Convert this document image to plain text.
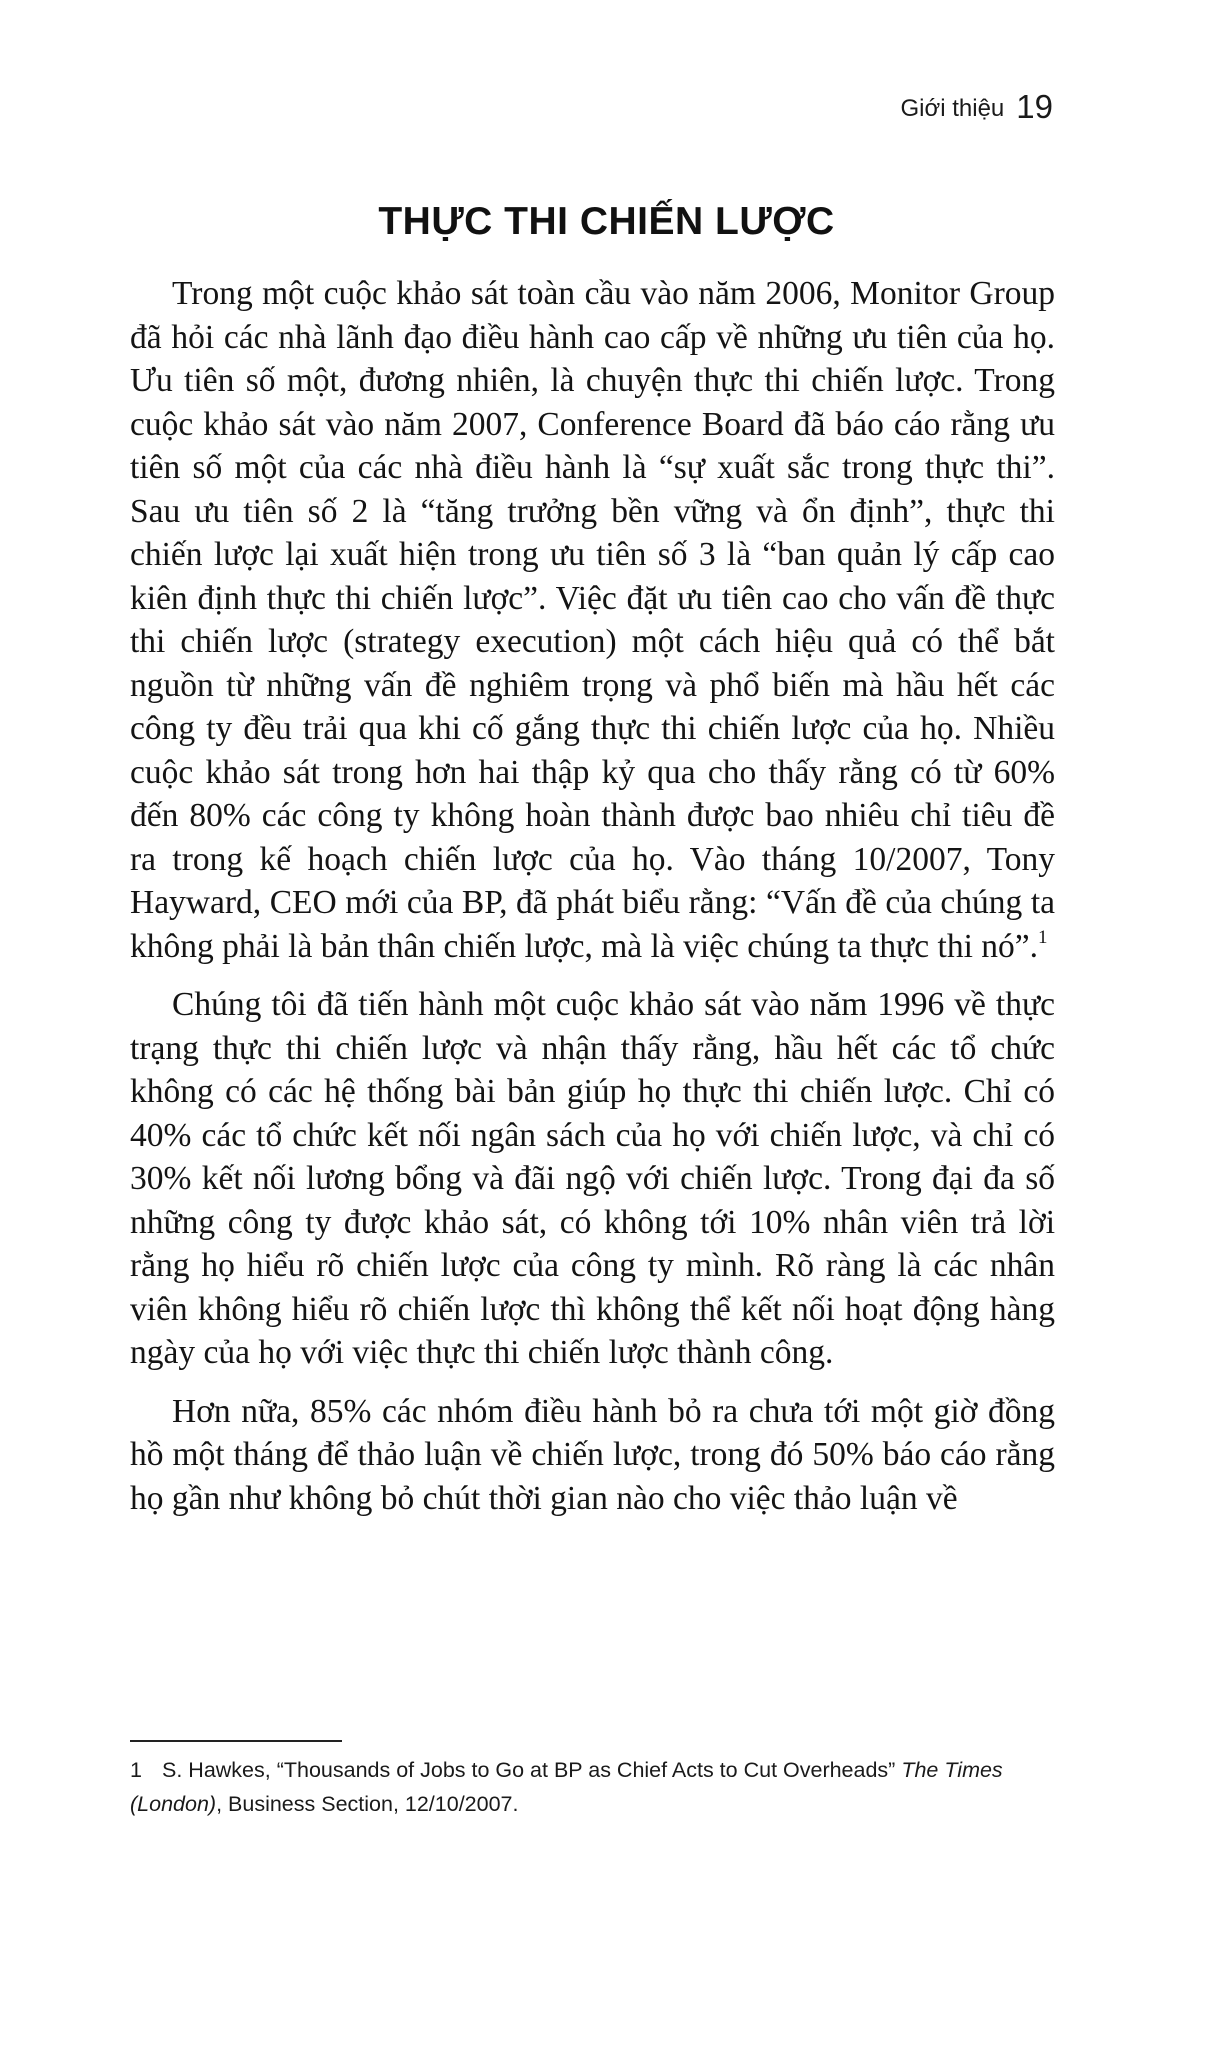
Giới thiệu 19
THỰC THI CHIẾN LƯỢC

Trong một cuộc khảo sát toàn cầu vào năm 2006, Monitor Group đã hỏi các nhà lãnh đạo điều hành cao cấp về những ưu tiên của họ. Ưu tiên số một, đương nhiên, là chuyện thực thi chiến lược. Trong cuộc khảo sát vào năm 2007, Conference Board đã báo cáo rằng ưu tiên số một của các nhà điều hành là “sự xuất sắc trong thực thi”. Sau ưu tiên số 2 là “tăng trưởng bền vững và ổn định”, thực thi chiến lược lại xuất hiện trong ưu tiên số 3 là “ban quản lý cấp cao kiên định thực thi chiến lược”. Việc đặt ưu tiên cao cho vấn đề thực thi chiến lược (strategy execution) một cách hiệu quả có thể bắt nguồn từ những vấn đề nghiêm trọng và phổ biến mà hầu hết các công ty đều trải qua khi cố gắng thực thi chiến lược của họ. Nhiều cuộc khảo sát trong hơn hai thập kỷ qua cho thấy rằng có từ 60% đến 80% các công ty không hoàn thành được bao nhiêu chỉ tiêu đề ra trong kế hoạch chiến lược của họ. Vào tháng 10/2007, Tony Hayward, CEO mới của BP, đã phát biểu rằng: “Vấn đề của chúng ta không phải là bản thân chiến lược, mà là việc chúng ta thực thi nó”.$^1$

Chúng tôi đã tiến hành một cuộc khảo sát vào năm 1996 về thực trạng thực thi chiến lược và nhận thấy rằng, hầu hết các tổ chức không có các hệ thống bài bản giúp họ thực thi chiến lược. Chỉ có 40% các tổ chức kết nối ngân sách của họ với chiến lược, và chỉ có 30% kết nối lương bổng và đãi ngộ với chiến lược. Trong đại đa số những công ty được khảo sát, có không tới 10% nhân viên trả lời rằng họ hiểu rõ chiến lược của công ty mình. Rõ ràng là các nhân viên không hiểu rõ chiến lược thì không thể kết nối hoạt động hàng ngày của họ với việc thực thi chiến lược thành công.

Hơn nữa, 85% các nhóm điều hành bỏ ra chưa tới một giờ đồng hồ một tháng để thảo luận về chiến lược, trong đó 50% báo cáo rằng họ gần như không bỏ chút thời gian nào cho việc thảo luận về

1 S. Hawkes, “Thousands of Jobs to Go at BP as Chief Acts to Cut Overheads” The Times (London), Business Section, 12/10/2007.
